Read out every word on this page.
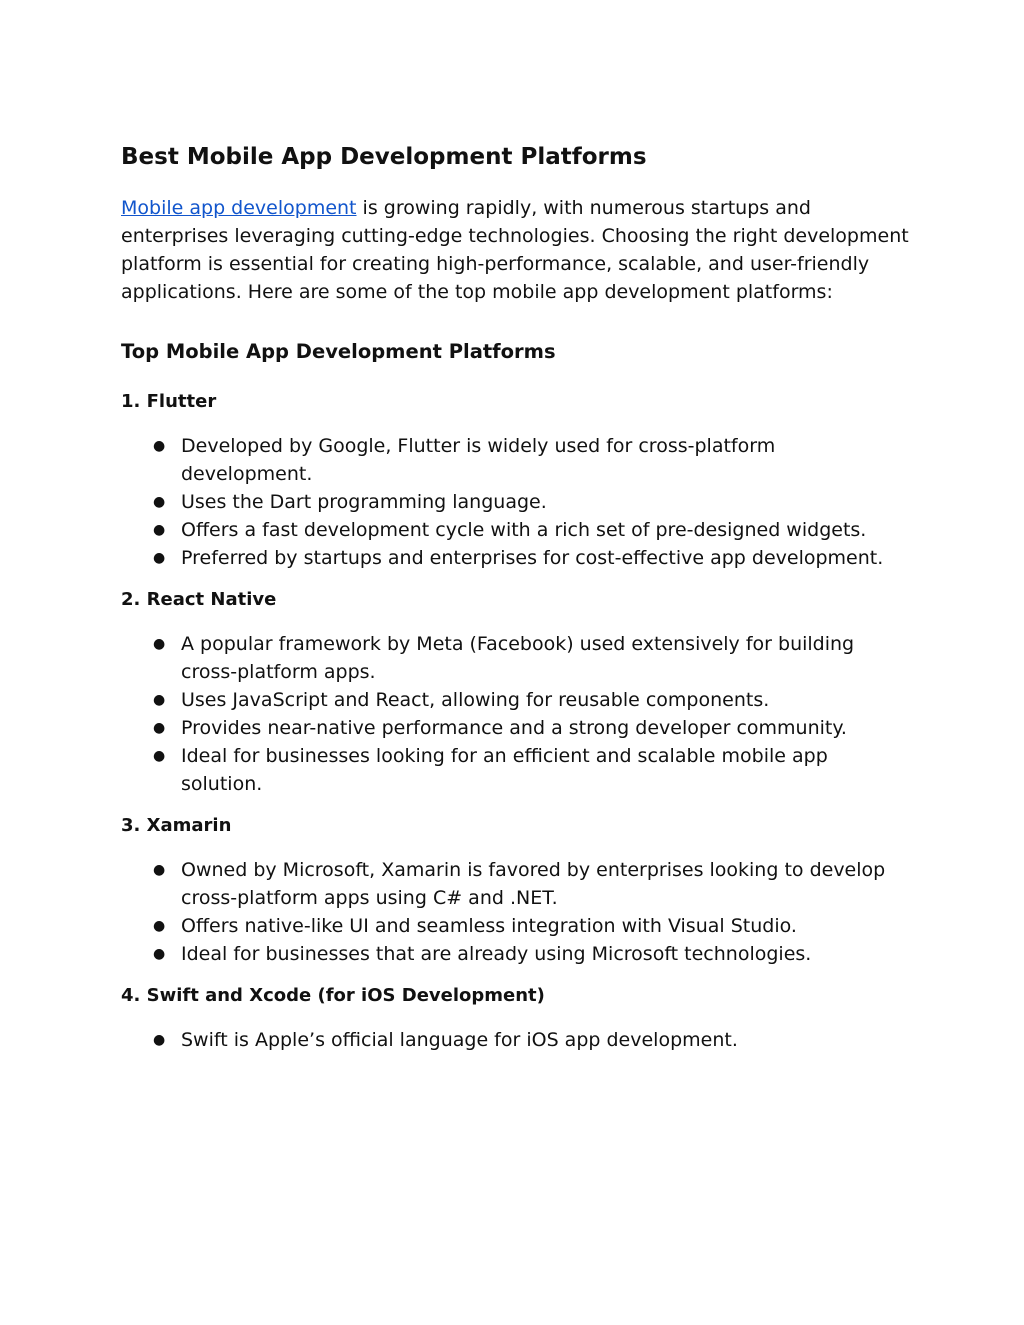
Best Mobile App Development Platforms

Mobile app development is growing rapidly, with numerous startups and enterprises leveraging cutting-edge technologies. Choosing the right development platform is essential for creating high-performance, scalable, and user-friendly applications. Here are some of the top mobile app development platforms:

Top Mobile App Development Platforms
1. Flutter
● Developed by Google, Flutter is widely used for cross-platform development.
● Uses the Dart programming language.
● Offers a fast development cycle with a rich set of pre-designed widgets.
● Preferred by startups and enterprises for cost-effective app development.
2. React Native
● A popular framework by Meta (Facebook) used extensively for building cross-platform apps.
● Uses JavaScript and React, allowing for reusable components.
● Provides near-native performance and a strong developer community.
● Ideal for businesses looking for an efficient and scalable mobile app solution.
3. Xamarin
● Owned by Microsoft, Xamarin is favored by enterprises looking to develop cross-platform apps using C# and .NET.
● Offers native-like UI and seamless integration with Visual Studio.
● Ideal for businesses that are already using Microsoft technologies.
4. Swift and Xcode (for iOS Development)
● Swift is Apple’s official language for iOS app development.
